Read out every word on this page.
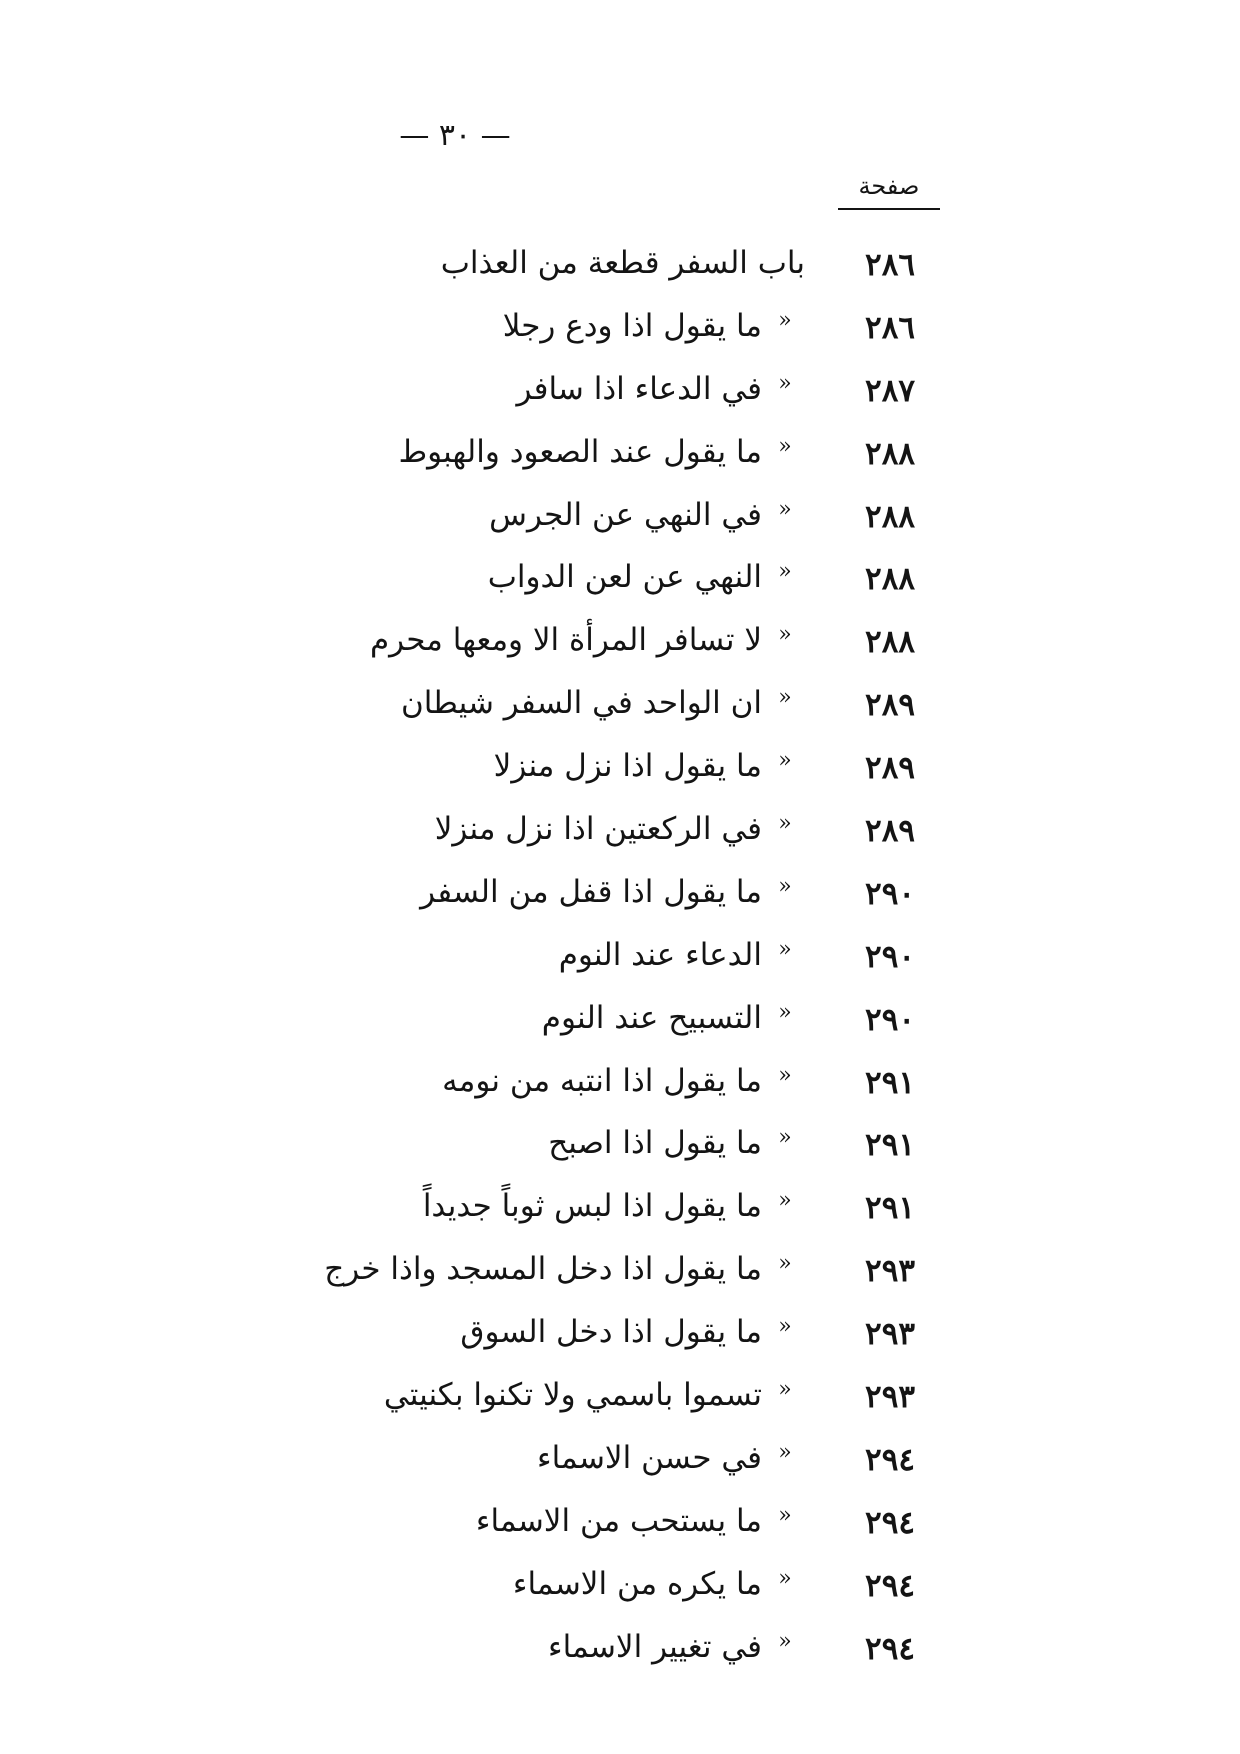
— ٣٠ —
صفحة
٢٨٦
باب السفر قطعة من العذاب
٢٨٦
»
ما يقول اذا ودع رجلا
٢٨٧
»
في الدعاء اذا سافر
٢٨٨
»
ما يقول عند الصعود والهبوط
٢٨٨
»
في النهي عن الجرس
٢٨٨
»
النهي عن لعن الدواب
٢٨٨
»
لا تسافر المرأة الا ومعها محرم
٢٨٩
»
ان الواحد في السفر شيطان
٢٨٩
»
ما يقول اذا نزل منزلا
٢٨٩
»
في الركعتين اذا نزل منزلا
٢٩٠
»
ما يقول اذا قفل من السفر
٢٩٠
»
الدعاء عند النوم
٢٩٠
»
التسبيح عند النوم
٢٩١
»
ما يقول اذا انتبه من نومه
٢٩١
»
ما يقول اذا اصبح
٢٩١
»
ما يقول اذا لبس ثوباً جديداً
٢٩٣
»
ما يقول اذا دخل المسجد واذا خرج
٢٩٣
»
ما يقول اذا دخل السوق
٢٩٣
»
تسموا باسمي ولا تكنوا بكنيتي
٢٩٤
»
في حسن الاسماء
٢٩٤
»
ما يستحب من الاسماء
٢٩٤
»
ما يكره من الاسماء
٢٩٤
»
في تغيير الاسماء
